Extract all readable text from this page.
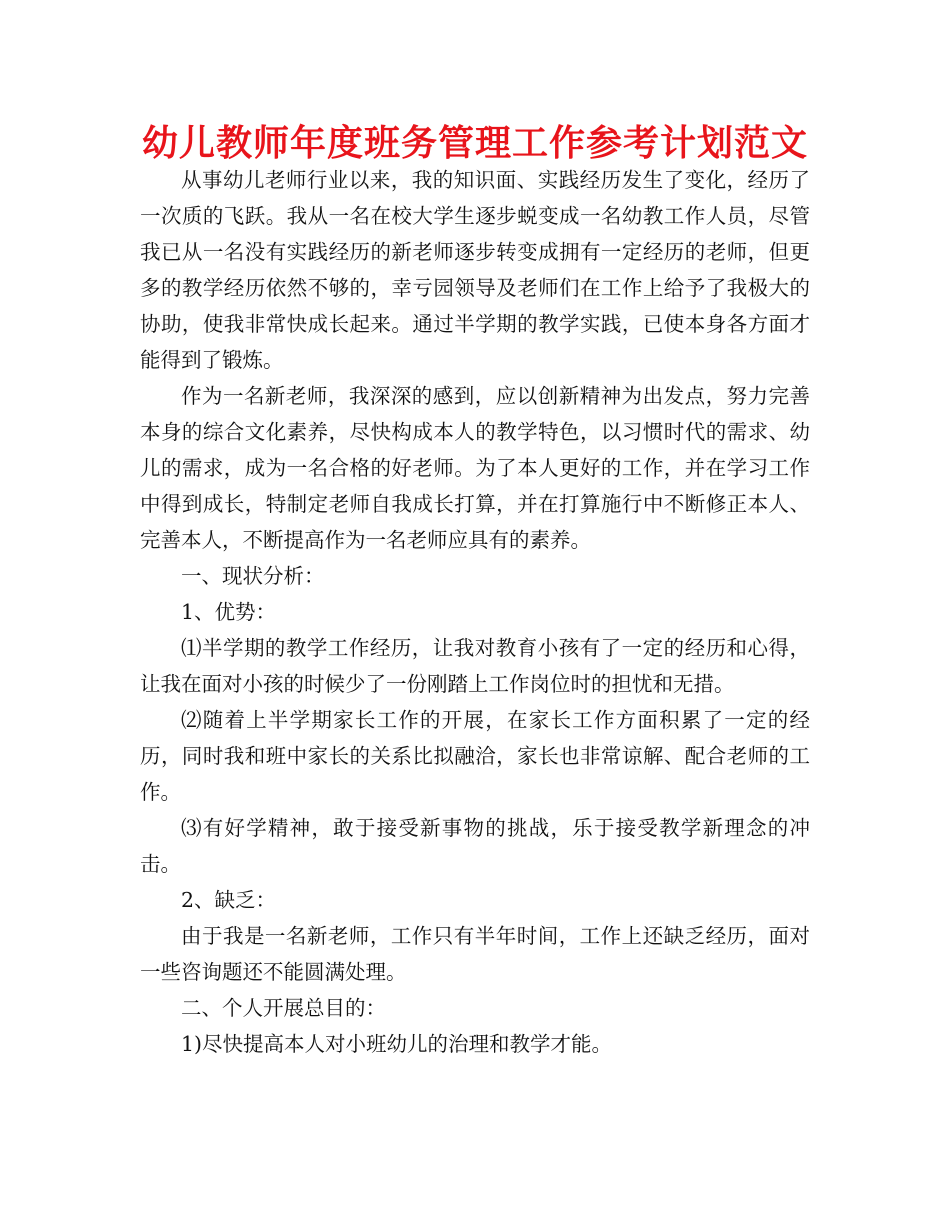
幼儿教师年度班务管理工作参考计划范文

从事幼儿老师行业以来，我的知识面、实践经历发生了变化，经历了一次质的飞跃。我从一名在校大学生逐步蜕变成一名幼教工作人员，尽管我已从一名没有实践经历的新老师逐步转变成拥有一定经历的老师，但更多的教学经历依然不够的，幸亏园领导及老师们在工作上给予了我极大的协助，使我非常快成长起来。通过半学期的教学实践，已使本身各方面才能得到了锻炼。

作为一名新老师，我深深的感到，应以创新精神为出发点，努力完善本身的综合文化素养，尽快构成本人的教学特色，以习惯时代的需求、幼儿的需求，成为一名合格的好老师。为了本人更好的工作，并在学习工作中得到成长，特制定老师自我成长打算，并在打算施行中不断修正本人、完善本人，不断提高作为一名老师应具有的素养。

一、现状分析：

1、优势：

⑴半学期的教学工作经历，让我对教育小孩有了一定的经历和心得，让我在面对小孩的时候少了一份刚踏上工作岗位时的担忧和无措。

⑵随着上半学期家长工作的开展，在家长工作方面积累了一定的经历，同时我和班中家长的关系比拟融洽，家长也非常谅解、配合老师的工作。

⑶有好学精神，敢于接受新事物的挑战，乐于接受教学新理念的冲击。

2、缺乏：

由于我是一名新老师，工作只有半年时间，工作上还缺乏经历，面对一些咨询题还不能圆满处理。

二、个人开展总目的：

1)尽快提高本人对小班幼儿的治理和教学才能。
